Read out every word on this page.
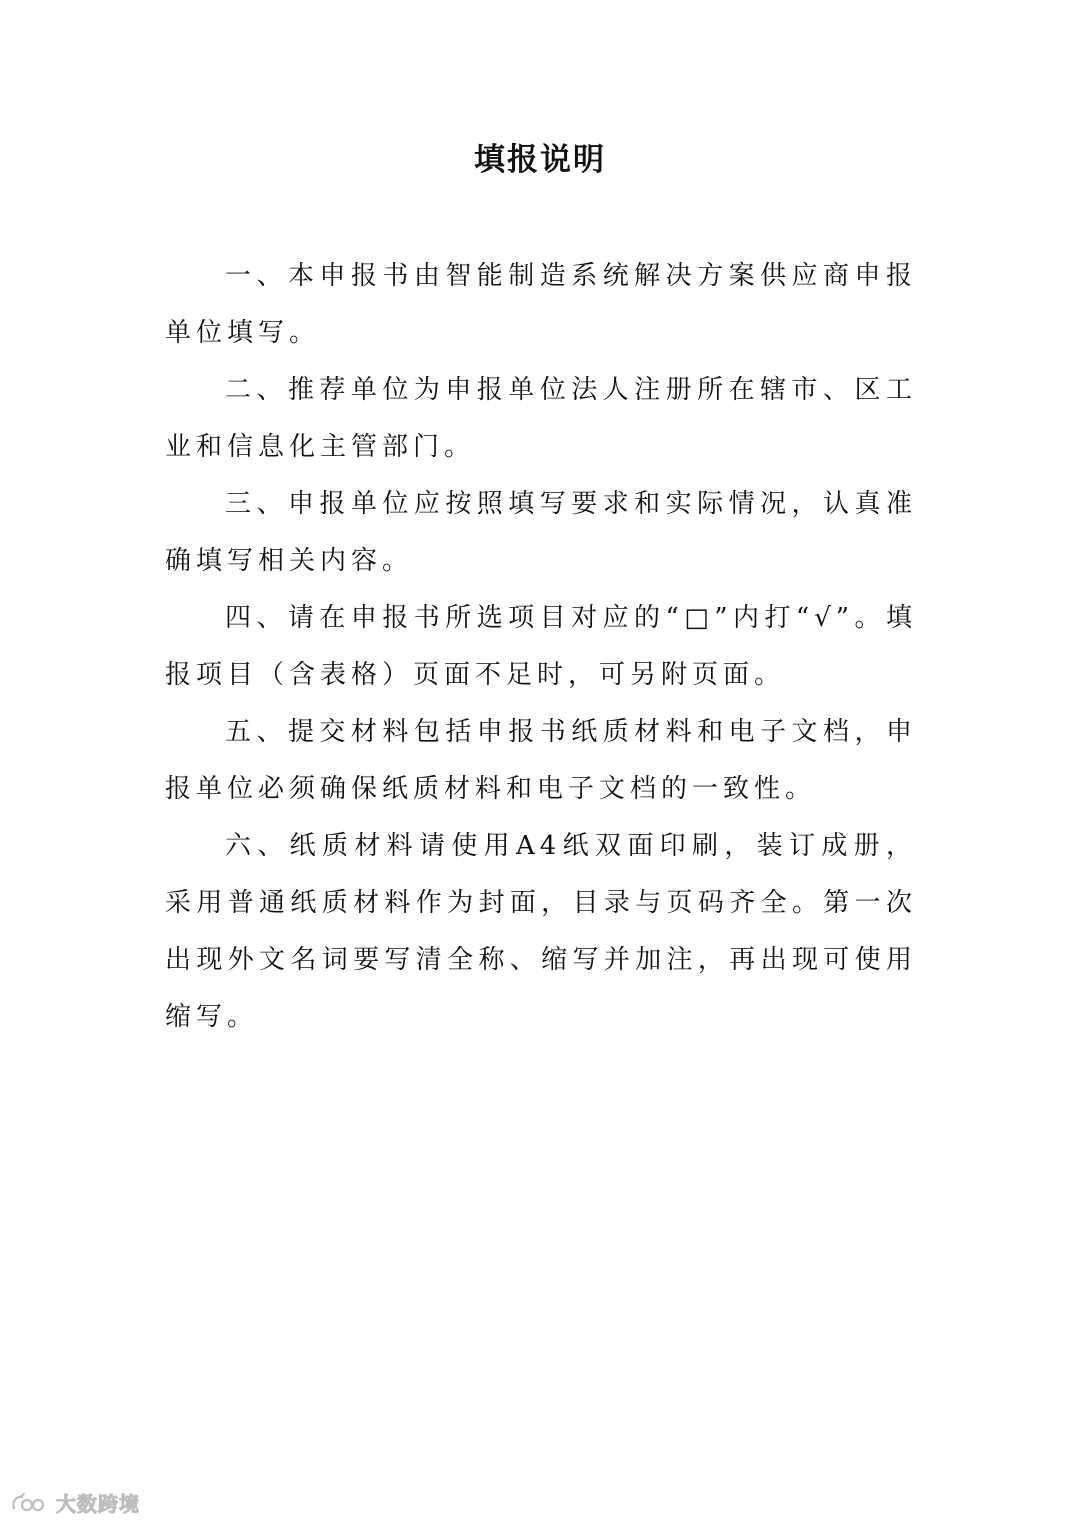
填报说明

一、本申报书由智能制造系统解决方案供应商申报单位填写。

二、推荐单位为申报单位法人注册所在辖市、区工业和信息化主管部门。

三、申报单位应按照填写要求和实际情况，认真准确填写相关内容。

四、请在申报书所选项目对应的“□”内打“√”。填报项目（含表格）页面不足时，可另附页面。

五、提交材料包括申报书纸质材料和电子文档，申报单位必须确保纸质材料和电子文档的一致性。

六、纸质材料请使用A4纸双面印刷，装订成册，采用普通纸质材料作为封面，目录与页码齐全。第一次出现外文名词要写清全称、缩写并加注，再出现可使用缩写。

大数跨境
